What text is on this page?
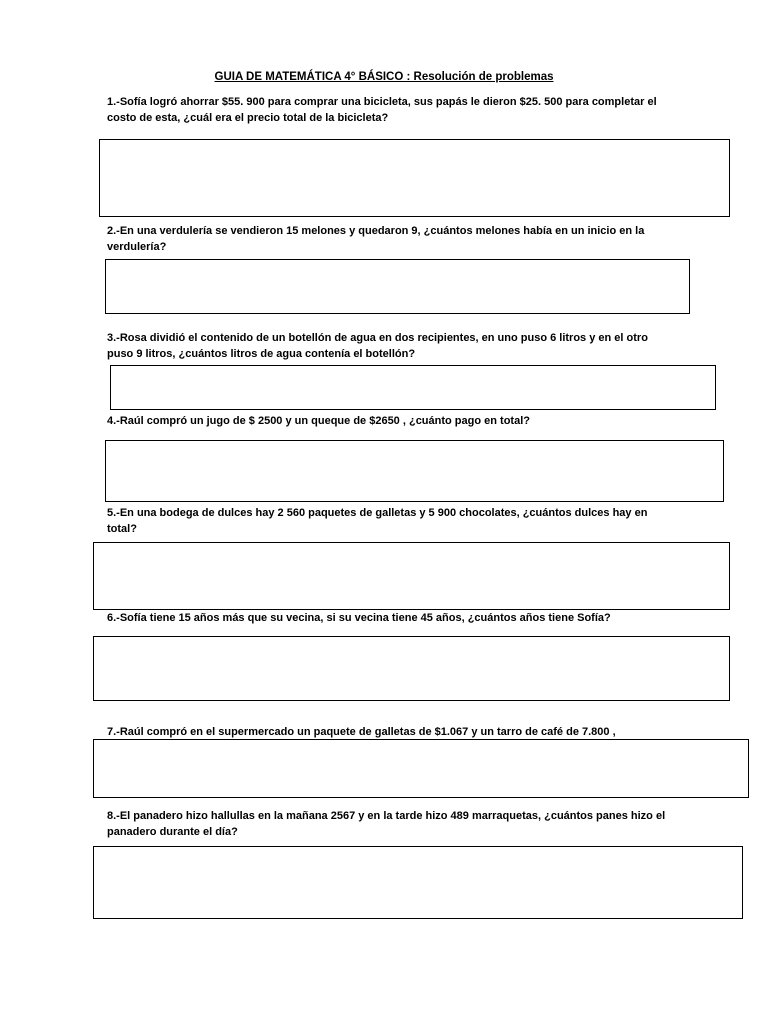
GUIA DE MATEMÁTICA 4° BÁSICO : Resolución de problemas

1.-Sofía logró ahorrar $55. 900 para comprar una bicicleta, sus papás le dieron $25. 500 para completar el costo de esta, ¿cuál era el precio total de la bicicleta?

2.-En una verdulería se vendieron 15 melones y quedaron 9, ¿cuántos melones había en un inicio en la verdulería?

3.-Rosa dividió el contenido de un botellón de agua en dos recipientes, en uno puso 6 litros y en el otro puso 9 litros, ¿cuántos litros de agua contenía el botellón?

4.-Raúl compró un jugo de $ 2500 y un queque de $2650 , ¿cuánto pago en total?

5.-En una bodega de dulces hay 2 560 paquetes de galletas y 5 900 chocolates, ¿cuántos dulces hay en total?

6.-Sofía tiene 15 años más que su vecina, si su vecina tiene 45 años, ¿cuántos años tiene Sofía?

7.-Raúl compró en el supermercado un paquete de galletas de $1.067 y un tarro de café de 7.800 ,

8.-El panadero hizo hallullas en la mañana 2567 y en la tarde hizo 489 marraquetas, ¿cuántos panes hizo el panadero durante el día?
